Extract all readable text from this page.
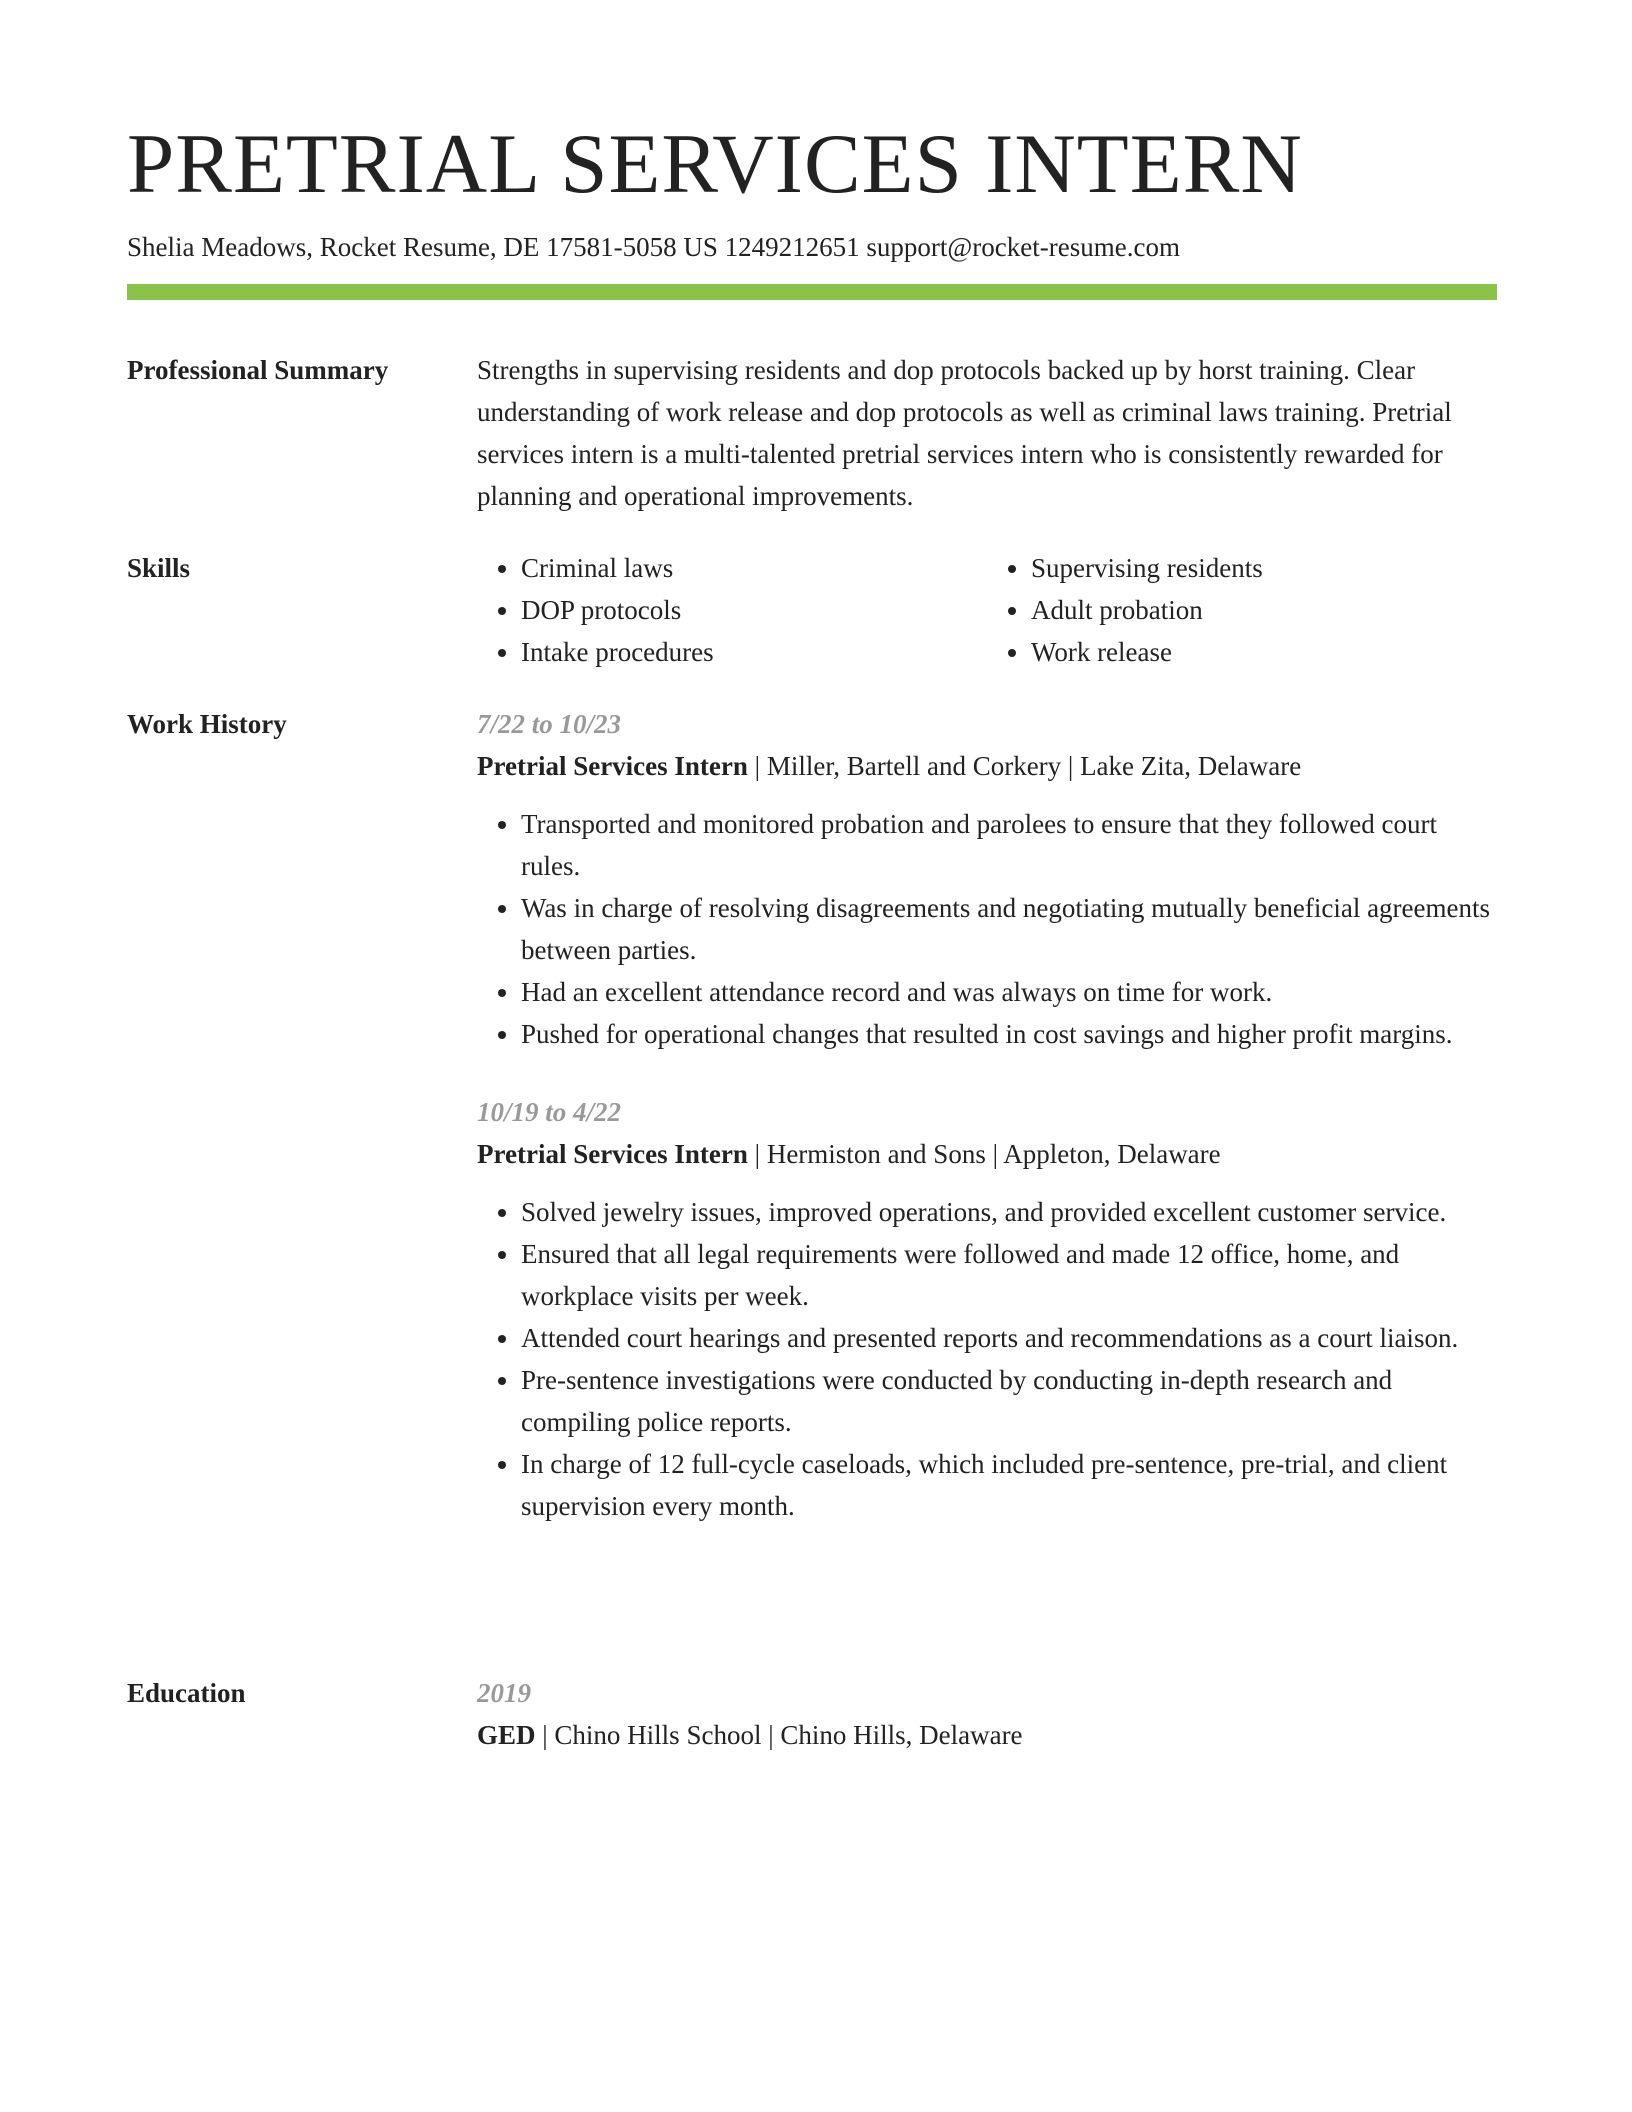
PRETRIAL SERVICES INTERN
Shelia Meadows, Rocket Resume, DE 17581-5058 US 1249212651 support@rocket-resume.com
Professional Summary	Strengths in supervising residents and dop protocols backed up by horst training. Clear understanding of work release and dop protocols as well as criminal laws training. Pretrial services intern is a multi-talented pretrial services intern who is consistently rewarded for planning and operational improvements.

Skills
•	Criminal laws
• DOP protocols
• Intake procedures
• Supervising residents
• Adult probation
• Work release
Work History	7/22 to 10/23
Pretrial Services Intern | Miller, Bartell and Corkery | Lake Zita, Delaware
• Transported and monitored probation and parolees to ensure that they followed court rules.
• Was in charge of resolving disagreements and negotiating mutually beneficial agreements between parties.
• Had an excellent attendance record and was always on time for work.
• Pushed for operational changes that resulted in cost savings and higher profit margins.
10/19 to 4/22
Pretrial Services Intern | Hermiston and Sons | Appleton, Delaware
• Solved jewelry issues, improved operations, and provided excellent customer service.
• Ensured that all legal requirements were followed and made 12 office, home, and workplace visits per week.
• Attended court hearings and presented reports and recommendations as a court liaison.
• Pre-sentence investigations were conducted by conducting in-depth research and compiling police reports.
• In charge of 12 full-cycle caseloads, which included pre-sentence, pre-trial, and client supervision every month.
Education	2019
GED | Chino Hills School | Chino Hills, Delaware
